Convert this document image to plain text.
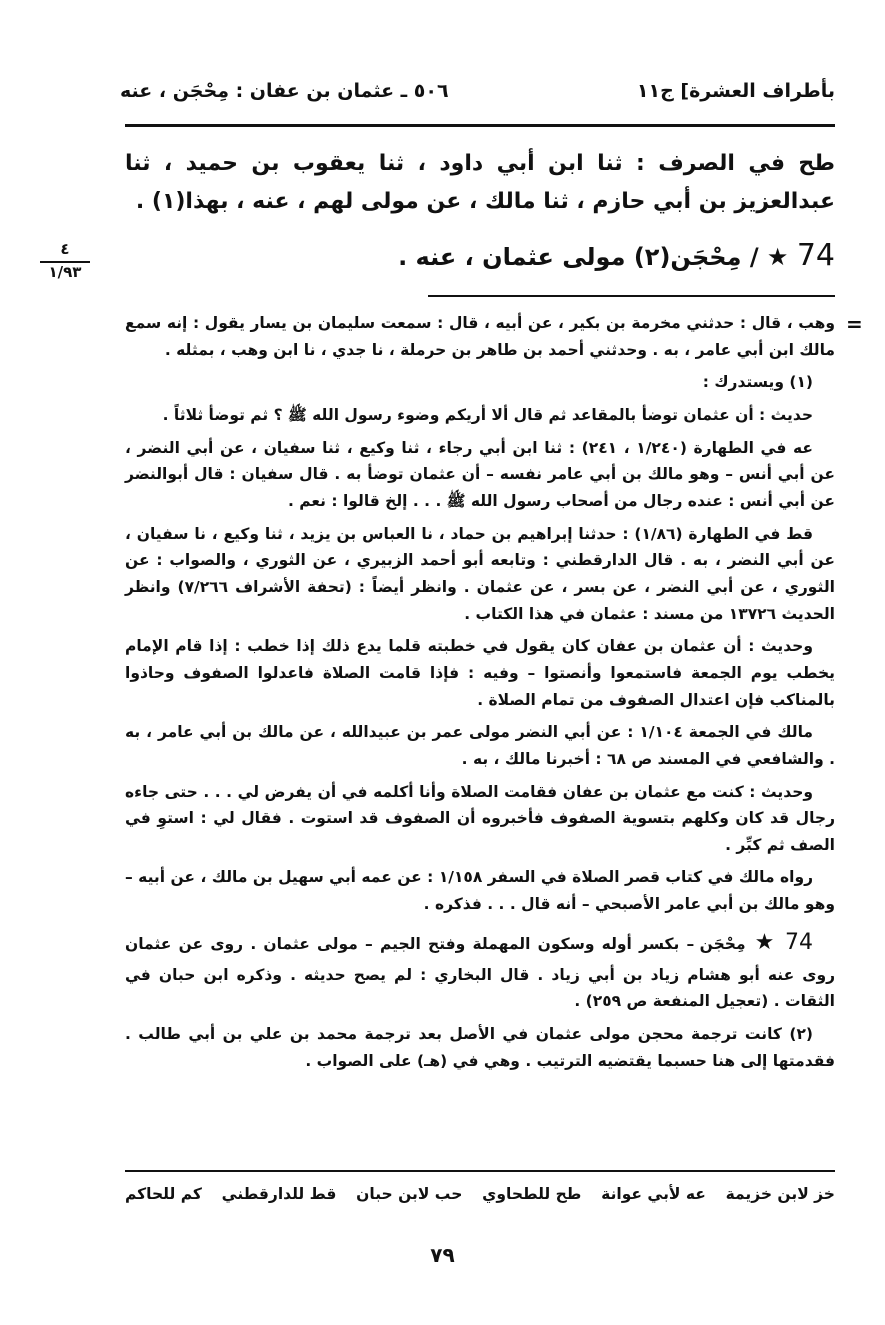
بأطراف العشرة] ج١١
٥٠٦ ـ عثمان بن عفان : مِحْجَن ، عنه
طح في الصرف : ثنا ابن أبي داود ، ثنا يعقوب بن حميد ، ثنا عبدالعزيز بن أبي حازم ، ثنا مالك ، عن مولى لهم ، عنه ، بهذا(١) .
74 ★ / مِحْجَن(٢) مولى عثمان ، عنه .
٤
١/٩٣
=

وهب ، قال : حدثني مخرمة بن بكير ، عن أبيه ، قال : سمعت سليمان بن يسار يقول : إنه سمع مالك ابن أبي عامر ، به . وحدثني أحمد بن طاهر بن حرملة ، نا جدي ، نا ابن وهب ، بمثله .

(١) ويستدرك :

حديث : أن عثمان توضأ بالمقاعد ثم قال ألا أريكم وضوء رسول الله ﷺ ؟ ثم توضأ ثلاثاً .

عه في الطهارة (١/٢٤٠ ، ٢٤١) : ثنا ابن أبي رجاء ، ثنا وكيع ، ثنا سفيان ، عن أبي النضر ، عن أبي أنس – وهو مالك بن أبي عامر نفسه – أن عثمان توضأ به . قال سفيان : قال أبوالنضر عن أبي أنس : عنده رجال من أصحاب رسول الله ﷺ . . . إلخ قالوا : نعم .

قط في الطهارة (١/٨٦) : حدثنا إبراهيم بن حماد ، نا العباس بن يزيد ، ثنا وكيع ، نا سفيان ، عن أبي النضر ، به . قال الدارقطني : وتابعه أبو أحمد الزبيري ، عن الثوري ، والصواب : عن الثوري ، عن أبي النضر ، عن بسر ، عن عثمان . وانظر أيضاً : (تحفة الأشراف ٧/٢٦٦) وانظر الحديث ١٣٧٢٦ من مسند : عثمان في هذا الكتاب .

وحديث : أن عثمان بن عفان كان يقول في خطبته قلما يدع ذلك إذا خطب : إذا قام الإمام يخطب يوم الجمعة فاستمعوا وأنصتوا – وفيه : فإذا قامت الصلاة فاعدلوا الصفوف وحاذوا بالمناكب فإن اعتدال الصفوف من تمام الصلاة .

مالك في الجمعة ١/١٠٤ : عن أبي النضر مولى عمر بن عبيدالله ، عن مالك بن أبي عامر ، به . والشافعي في المسند ص ٦٨ : أخبرنا مالك ، به .

وحديث : كنت مع عثمان بن عفان فقامت الصلاة وأنا أكلمه في أن يفرض لي . . . حتى جاءه رجال قد كان وكلهم بتسوية الصفوف فأخبروه أن الصفوف قد استوت . فقال لي : استوِ في الصف ثم كبِّر .

رواه مالك في كتاب قصر الصلاة في السفر ١/١٥٨ : عن عمه أبي سهيل بن مالك ، عن أبيه – وهو مالك بن أبي عامر الأصبحي – أنه قال . . . فذكره .

74 ★ مِحْجَن – بكسر أوله وسكون المهملة وفتح الجيم – مولى عثمان . روى عن عثمان روى عنه أبو هشام زياد بن أبي زياد . قال البخاري : لم يصح حديثه . وذكره ابن حبان في الثقات . (تعجيل المنفعة ص ٢٥٩) .

(٢) كانت ترجمة محجن مولى عثمان في الأصل بعد ترجمة محمد بن علي بن أبي طالب . فقدمتها إلى هنا حسبما يقتضيه الترتيب . وهي في (هـ) على الصواب .

خز لابن خزيمة
عه لأبي عوانة
طح للطحاوي
حب لابن حبان
قط للدارقطني
كم للحاكم
٧٩
